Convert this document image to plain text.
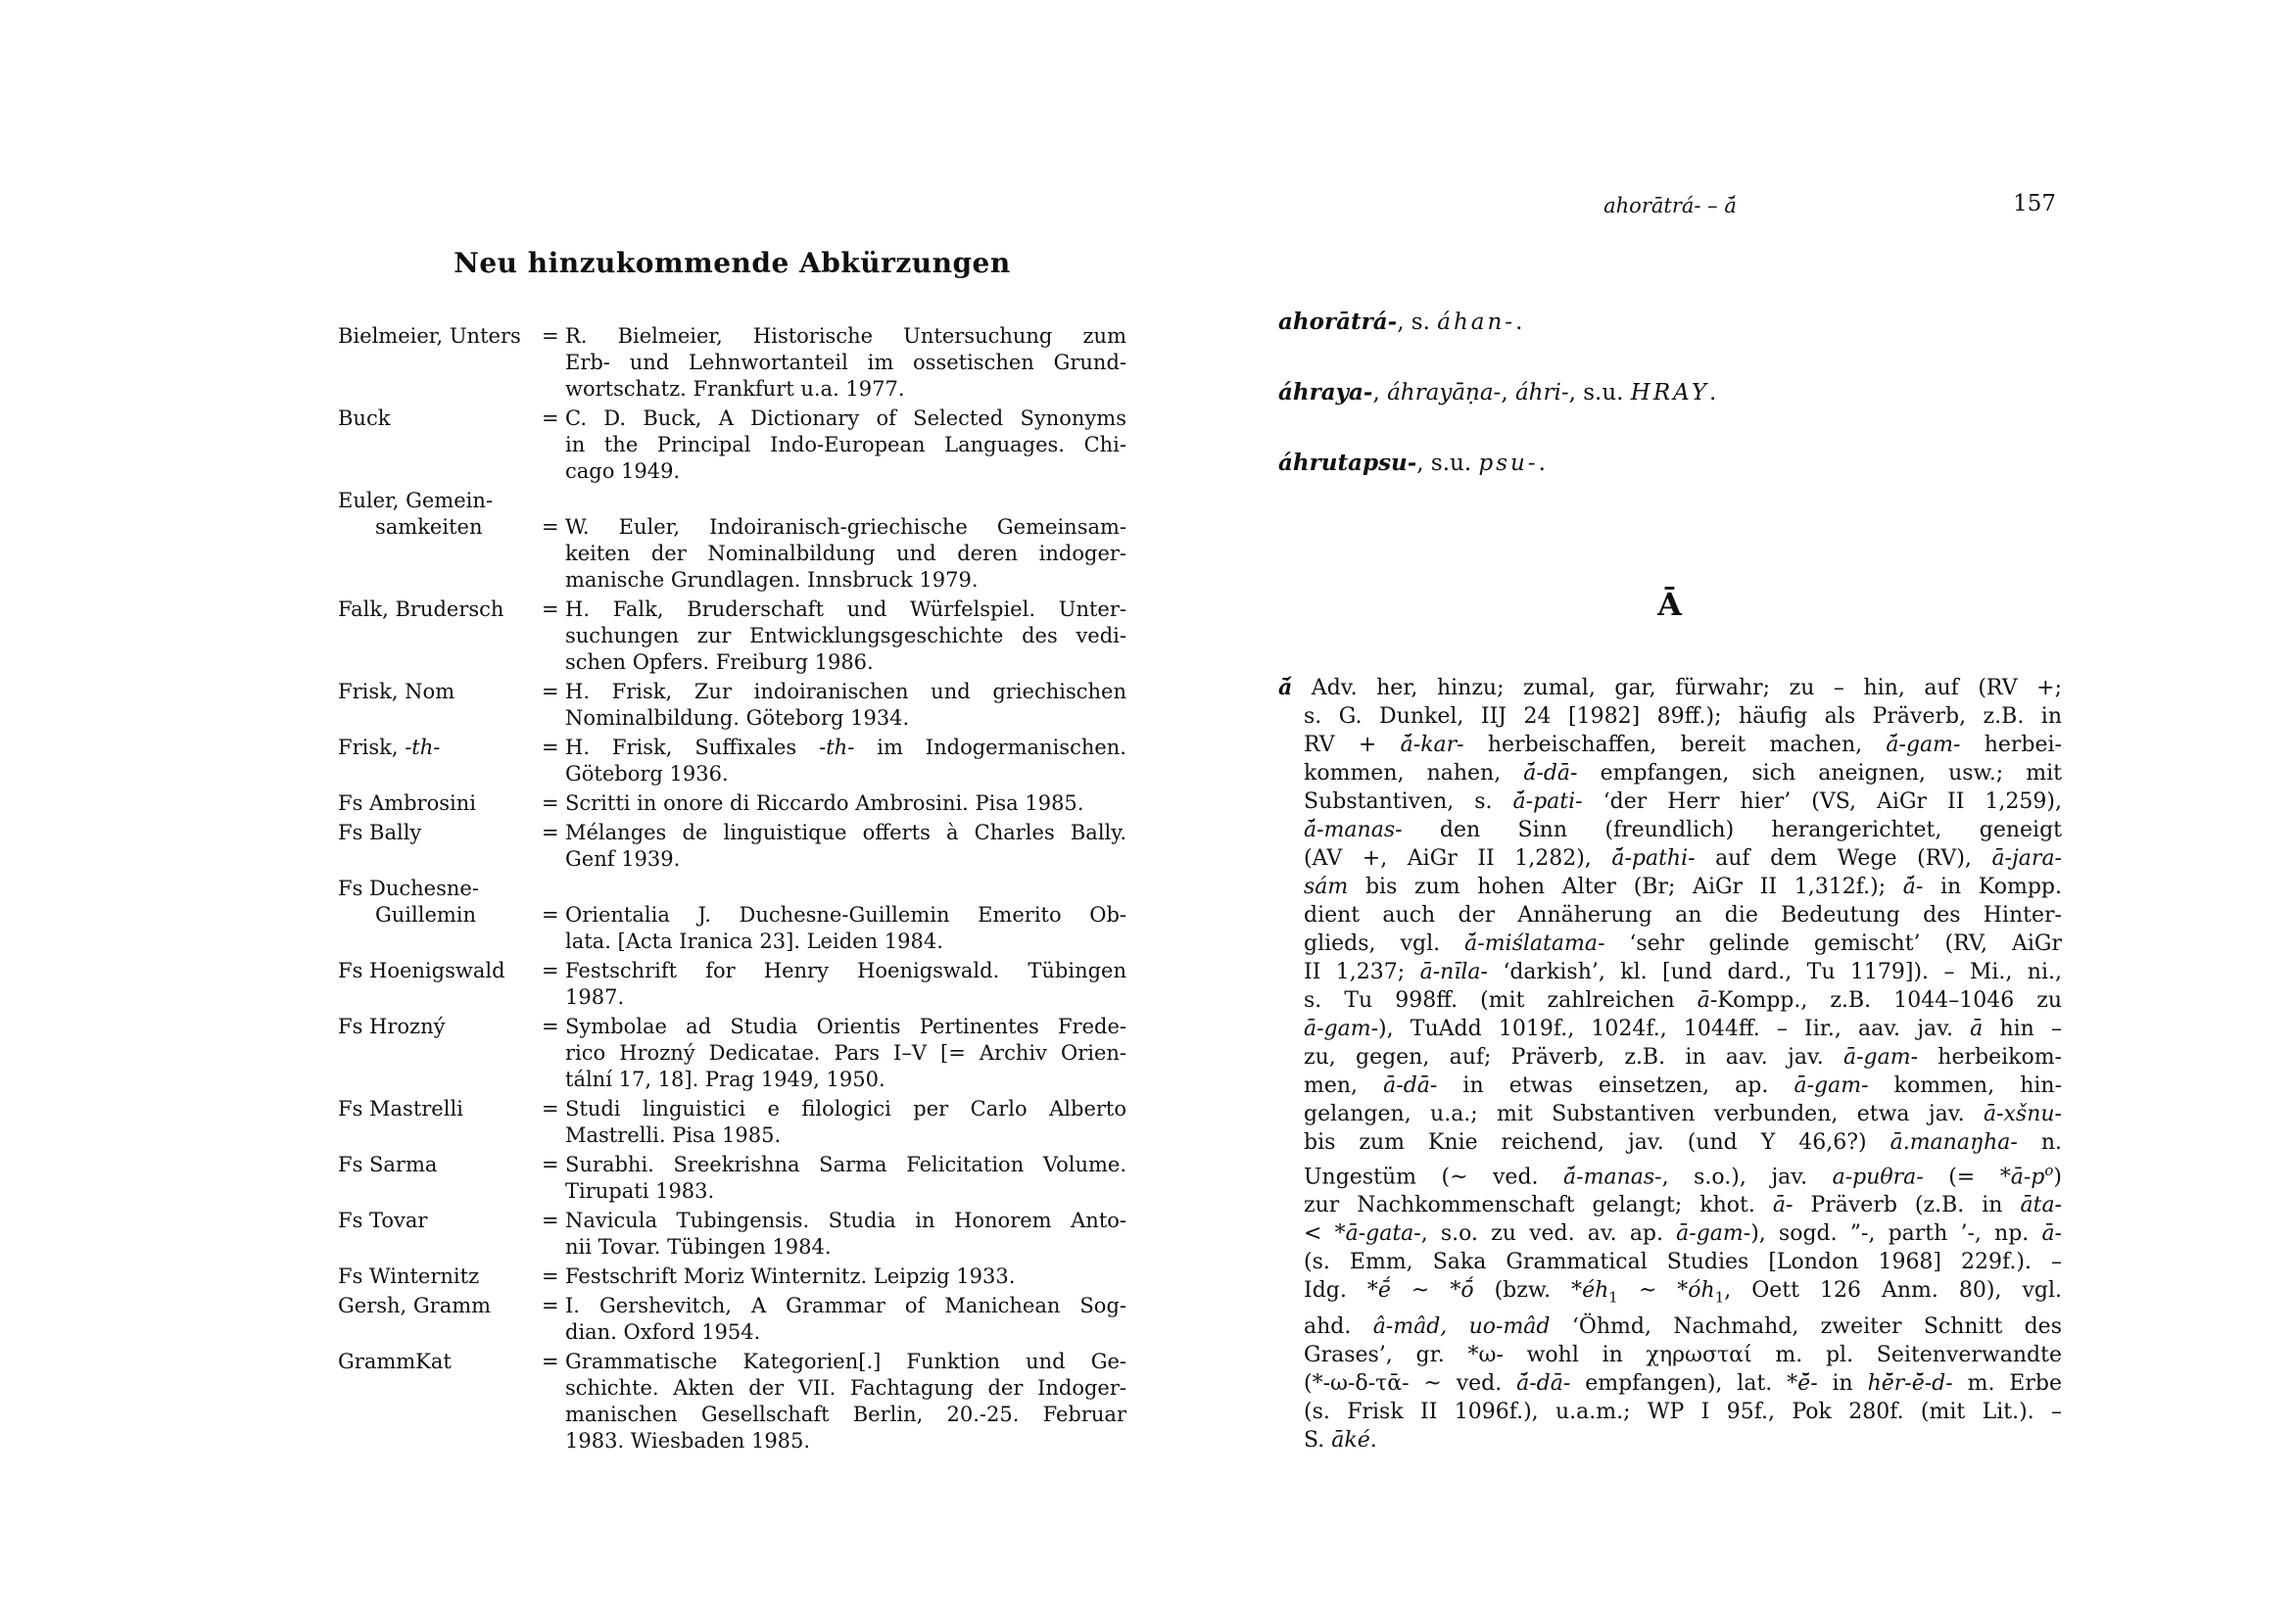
Neu hinzukommende Abkürzungen
Bielmeier, Unters	= R. Bielmeier, Historische Untersuchung zum
Erb- und Lehnwortanteil im ossetischen Grund-
wortschatz. Frankfurt u.a. 1977.
Buck	= C. D. Buck, A Dictionary of Selected Synonyms
in the Principal Indo-European Languages. Chi-
cago 1949.
Euler, Gemein-
samkeiten	= W. Euler, Indoiranisch-griechische Gemeinsam-
keiten der Nominalbildung und deren indoger-
manische Grundlagen. Innsbruck 1979.
Falk, Brudersch	= H. Falk, Bruderschaft und Würfelspiel. Unter-
suchungen zur Entwicklungsgeschichte des vedi-
schen Opfers. Freiburg 1986.
Frisk, Nom	= H. Frisk, Zur indoiranischen und griechischen
Nominalbildung. Göteborg 1934.
Frisk, -th-	= H. Frisk, Suffixales -th- im Indogermanischen.
Göteborg 1936.
Fs Ambrosini	= Scritti in onore di Riccardo Ambrosini. Pisa 1985.
Fs Bally	= Mélanges de linguistique offerts à Charles Bally.
Genf 1939.
Fs Duchesne-
Guillemin	= Orientalia J. Duchesne-Guillemin Emerito Ob-
lata. [Acta Iranica 23]. Leiden 1984.
Fs Hoenigswald	= Festschrift for Henry Hoenigswald. Tübingen
1987.
Fs Hrozný	= Symbolae ad Studia Orientis Pertinentes Frede-
rico Hrozný Dedicatae. Pars I–V [= Archiv Orien-
tální 17, 18]. Prag 1949, 1950.
Fs Mastrelli	= Studi linguistici e filologici per Carlo Alberto
Mastrelli. Pisa 1985.
Fs Sarma	= Surabhi. Sreekrishna Sarma Felicitation Volume.
Tirupati 1983.
Fs Tovar	= Navicula Tubingensis. Studia in Honorem Anto-
nii Tovar. Tübingen 1984.
Fs Winternitz	= Festschrift Moriz Winternitz. Leipzig 1933.
Gersh, Gramm	= I. Gershevitch, A Grammar of Manichean Sog-
dian. Oxford 1954.
GrammKat	= Grammatische Kategorien[.] Funktion und Ge-
schichte. Akten der VII. Fachtagung der Indoger-
manischen Gesellschaft Berlin, 20.-25. Februar
1983. Wiesbaden 1985.
ahorātrá- – ā́	157
ahorātrá-, s. áhan-.
áhraya-, áhrayāṇa-, áhri-, s.u. HRAY.
áhrutapsu-, s.u. psu-.
Ā
ā́ Adv. her, hinzu; zumal, gar, fürwahr; zu – hin, auf (RV +;
s. G. Dunkel, IIJ 24 [1982] 89ff.); häufig als Präverb, z.B. in
RV + ā́-kar- herbeischaffen, bereit machen, ā́-gam- herbei-
kommen, nahen, ā́-dā- empfangen, sich aneignen, usw.; mit
Substantiven, s. ā́-pati- ‘der Herr hier’ (VS, AiGr II 1,259),
ā́-manas- den Sinn (freundlich) herangerichtet, geneigt
(AV +, AiGr II 1,282), ā́-pathi- auf dem Wege (RV), ā-jara-
sám bis zum hohen Alter (Br; AiGr II 1,312f.); ā́- in Kompp.
dient auch der Annäherung an die Bedeutung des Hinter-
glieds, vgl. ā́-miślatama- ‘sehr gelinde gemischt’ (RV, AiGr
II 1,237; ā-nīla- ‘darkish’, kl. [und dard., Tu 1179]). – Mi., ni.,
s. Tu 998ff. (mit zahlreichen ā-Kompp., z.B. 1044–1046 zu
ā-gam-), TuAdd 1019f., 1024f., 1044ff. – Iir., aav. jav. ā hin –
zu, gegen, auf; Präverb, z.B. in aav. jav. ā-gam- herbeikom-
men, ā-dā- in etwas einsetzen, ap. ā-gam- kommen, hin-
gelangen, u.a.; mit Substantiven verbunden, etwa jav. ā-xšnu-
bis zum Knie reichend, jav. (und Y 46,6?) ā.manaŋha- n.
Ungestüm (~ ved. ā́-manas-, s.o.), jav. a-puθra- (= $*ā-p^o$)
zur Nachkommenschaft gelangt; khot. ā- Präverb (z.B. in āta-
< *ā-gata-, s.o. zu ved. av. ap. ā-gam-), sogd. ”-, parth ’-, np. ā-
(s. Emm, Saka Grammatical Studies [London 1968] 229f.). –
Idg. *ḗ ~ *ṓ (bzw. $*éh_1$ ~ $*óh_1$, Oett 126 Anm. 80), vgl.
ahd. â-mâd, uo-mâd ‘Öhmd, Nachmahd, zweiter Schnitt des
Grases’, gr. *ω- wohl in χηρωσταί m. pl. Seitenverwandte
(*-ω-δ-τᾱ- ~ ved. ā́-dā- empfangen), lat. *ē̆- in hē̆r-ē̆-d- m. Erbe
(s. Frisk II 1096f.), u.a.m.; WP I 95f., Pok 280f. (mit Lit.). –
S. āké.
